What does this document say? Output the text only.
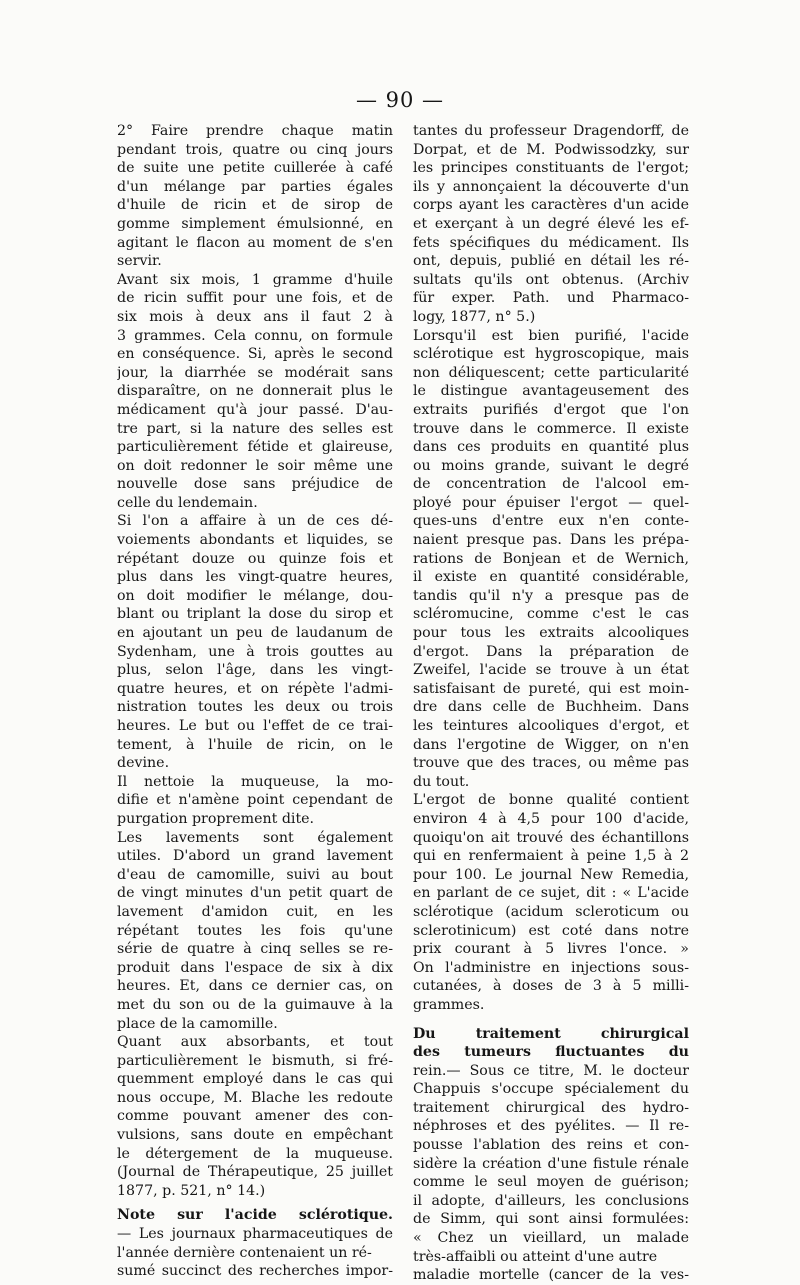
— 90 —
2° Faire prendre chaque matin
pendant trois, quatre ou cinq jours
de suite une petite cuillerée à café
d'un mélange par parties égales
d'huile de ricin et de sirop de
gomme simplement émulsionné, en
agitant le flacon au moment de s'en
servir.
Avant six mois, 1 gramme d'huile
de ricin suffit pour une fois, et de
six mois à deux ans il faut 2 à
3 grammes. Cela connu, on formule
en conséquence. Si, après le second
jour, la diarrhée se modérait sans
disparaître, on ne donnerait plus le
médicament qu'à jour passé. D'au-
tre part, si la nature des selles est
particulièrement fétide et glaireuse,
on doit redonner le soir même une
nouvelle dose sans préjudice de
celle du lendemain.
Si l'on a affaire à un de ces dé-
voiements abondants et liquides, se
répétant douze ou quinze fois et
plus dans les vingt-quatre heures,
on doit modifier le mélange, dou-
blant ou triplant la dose du sirop et
en ajoutant un peu de laudanum de
Sydenham, une à trois gouttes au
plus, selon l'âge, dans les vingt-
quatre heures, et on répète l'admi-
nistration toutes les deux ou trois
heures. Le but ou l'effet de ce trai-
tement, à l'huile de ricin, on le
devine.
Il nettoie la muqueuse, la mo-
difie et n'amène point cependant de
purgation proprement dite.
Les lavements sont également
utiles. D'abord un grand lavement
d'eau de camomille, suivi au bout
de vingt minutes d'un petit quart de
lavement d'amidon cuit, en les
répétant toutes les fois qu'une
série de quatre à cinq selles se re-
produit dans l'espace de six à dix
heures. Et, dans ce dernier cas, on
met du son ou de la guimauve à la
place de la camomille.
Quant aux absorbants, et tout
particulièrement le bismuth, si fré-
quemment employé dans le cas qui
nous occupe, M. Blache les redoute
comme pouvant amener des con-
vulsions, sans doute en empêchant
le détergement de la muqueuse.
(Journal de Thérapeutique, 25 juillet
1877, p. 521, n° 14.)
Note sur l'acide sclérotique.
— Les journaux pharmaceutiques de
l'année dernière contenaient un ré-
sumé succinct des recherches impor-
tantes du professeur Dragendorff, de
Dorpat, et de M. Podwissodzky, sur
les principes constituants de l'ergot;
ils y annonçaient la découverte d'un
corps ayant les caractères d'un acide
et exerçant à un degré élevé les ef-
fets spécifiques du médicament. Ils
ont, depuis, publié en détail les ré-
sultats qu'ils ont obtenus. (Archiv
für exper. Path. und Pharmaco-
logy, 1877, n° 5.)
Lorsqu'il est bien purifié, l'acide
sclérotique est hygroscopique, mais
non déliquescent; cette particularité
le distingue avantageusement des
extraits purifiés d'ergot que l'on
trouve dans le commerce. Il existe
dans ces produits en quantité plus
ou moins grande, suivant le degré
de concentration de l'alcool em-
ployé pour épuiser l'ergot — quel-
ques-uns d'entre eux n'en conte-
naient presque pas. Dans les prépa-
rations de Bonjean et de Wernich,
il existe en quantité considérable,
tandis qu'il n'y a presque pas de
scléromucine, comme c'est le cas
pour tous les extraits alcooliques
d'ergot. Dans la préparation de
Zweifel, l'acide se trouve à un état
satisfaisant de pureté, qui est moin-
dre dans celle de Buchheim. Dans
les teintures alcooliques d'ergot, et
dans l'ergotine de Wigger, on n'en
trouve que des traces, ou même pas
du tout.
L'ergot de bonne qualité contient
environ 4 à 4,5 pour 100 d'acide,
quoiqu'on ait trouvé des échantillons
qui en renfermaient à peine 1,5 à 2
pour 100. Le journal New Remedia,
en parlant de ce sujet, dit : « L'acide
sclérotique (acidum scleroticum ou
sclerotinicum) est coté dans notre
prix courant à 5 livres l'once. »
On l'administre en injections sous-
cutanées, à doses de 3 à 5 milli-
grammes.
Du traitement chirurgical
des tumeurs fluctuantes du
rein.— Sous ce titre, M. le docteur
Chappuis s'occupe spécialement du
traitement chirurgical des hydro-
néphroses et des pyélites. — Il re-
pousse l'ablation des reins et con-
sidère la création d'une fistule rénale
comme le seul moyen de guérison;
il adopte, d'ailleurs, les conclusions
de Simm, qui sont ainsi formulées:
« Chez un vieillard, un malade
très-affaibli ou atteint d'une autre
maladie mortelle (cancer de la ves-
